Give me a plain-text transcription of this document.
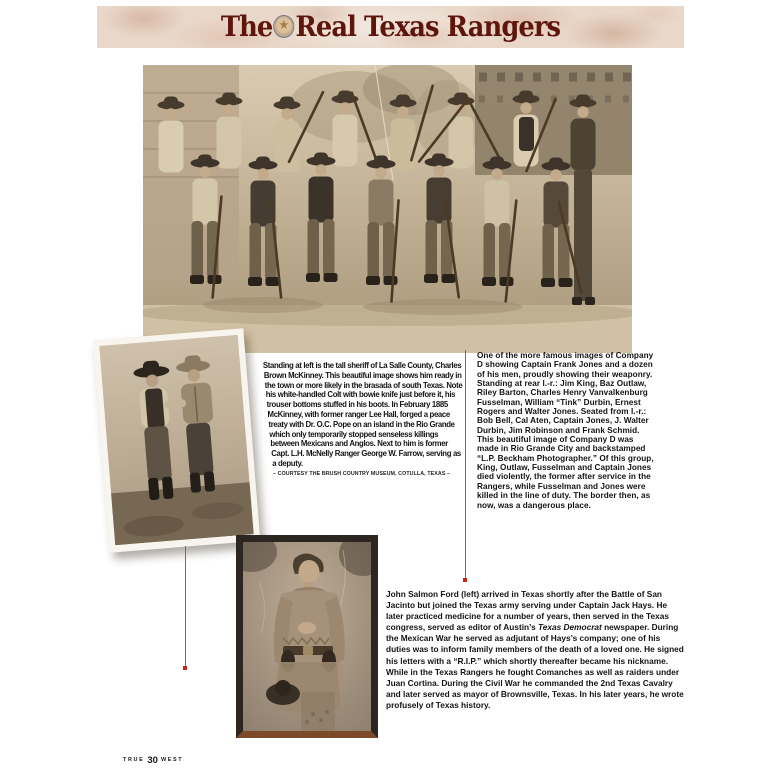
The ★ Real Texas Rangers
Standing at left is the tall sheriff of La Salle County, Charles Brown McKinney. This beautiful image shows him ready in the town or more likely in the brasada of south Texas. Note his white-handled Colt with bowie knife just before it, his trouser bottoms stuffed in his boots. In February 1885 McKinney, with former ranger Lee Hall, forged a peace treaty with Dr. O.C. Pope on an island in the Rio Grande which only temporarily stopped senseless killings between Mexicans and Anglos. Next to him is former Capt. L.H. McNelly Ranger George W. Farrow, serving as a deputy.
– COURTESY THE BRUSH COUNTRY MUSEUM, COTULLA, TEXAS –
One of the more famous images of Company D showing Captain Frank Jones and a dozen of his men, proudly showing their weaponry. Standing at rear l.-r.: Jim King, Baz Outlaw, Riley Barton, Charles Henry Vanvalkenburg Fusselman, William “Tink” Durbin, Ernest Rogers and Walter Jones. Seated from l.-r.: Bob Bell, Cal Aten, Captain Jones, J. Walter Durbin, Jim Robinson and Frank Schmid. This beautiful image of Company D was made in Rio Grande City and backstamped “L.P. Beckham Photographer.” Of this group, King, Outlaw, Fusselman and Captain Jones died violently, the former after service in the Rangers, while Fusselman and Jones were killed in the line of duty. The border then, as now, was a dangerous place.
John Salmon Ford (left) arrived in Texas shortly after the Battle of San Jacinto but joined the Texas army serving under Captain Jack Hays. He later practiced medicine for a number of years, then served in the Texas congress, served as editor of Austin’s Texas Democrat newspaper. During the Mexican War he served as adjutant of Hays’s company; one of his duties was to inform family members of the death of a loved one. He signed his letters with a “R.I.P.” which shortly thereafter became his nickname. While in the Texas Rangers he fought Comanches as well as raiders under Juan Cortina. During the Civil War he commanded the 2nd Texas Cavalry and later served as mayor of Brownsville, Texas. In his later years, he wrote profusely of Texas history.
TRUE 30 WEST
